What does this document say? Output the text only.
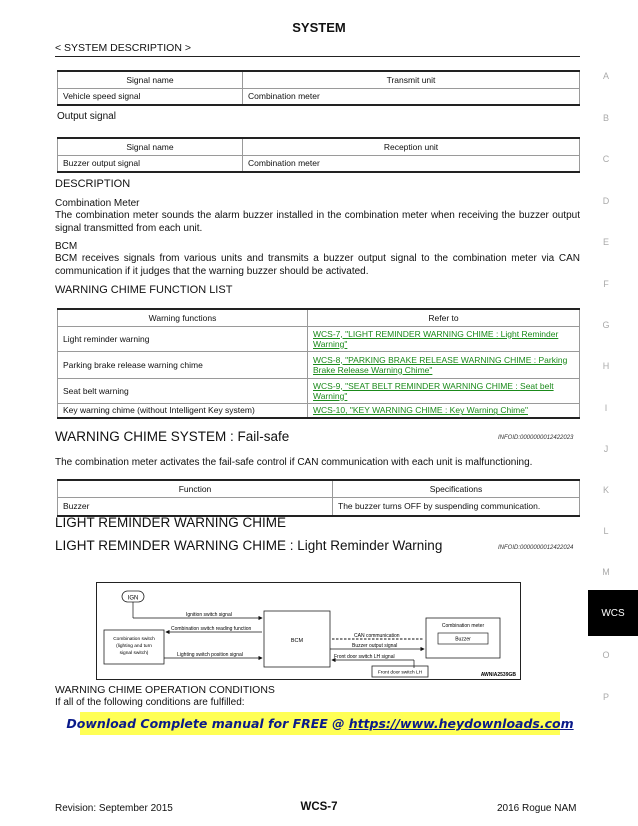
SYSTEM
< SYSTEM DESCRIPTION >
Signal name	Transmit unit
Vehicle speed signal	Combination meter
Output signal
Signal name	Reception unit
Buzzer output signal	Combination meter
DESCRIPTION
Combination Meter
The combination meter sounds the alarm buzzer installed in the combination meter when receiving the buzzer output signal transmitted from each unit.
BCM
BCM receives signals from various units and transmits a buzzer output signal to the combination meter via CAN communication if it judges that the warning buzzer should be activated.
WARNING CHIME FUNCTION LIST
Warning functions	Refer to
Light reminder warning	WCS-7, "LIGHT REMINDER WARNING CHIME : Light Reminder Warning"
Parking brake release warning chime	WCS-8, "PARKING BRAKE RELEASE WARNING CHIME : Parking Brake Release Warning Chime"
Seat belt warning	WCS-9, "SEAT BELT REMINDER WARNING CHIME : Seat belt Warning"
Key warning chime (without Intelligent Key system)	WCS-10, "KEY WARNING CHIME : Key Warning Chime"
WARNING CHIME SYSTEM : Fail-safe	INFOID:0000000012422023
The combination meter activates the fail-safe control if CAN communication with each unit is malfunctioning.
Function	Specifications
Buzzer	The buzzer turns OFF by suspending communication.
LIGHT REMINDER WARNING CHIME
LIGHT REMINDER WARNING CHIME : Light Reminder Warning	INFOID:0000000012422024
IGN
Ignition switch signal
Combination switch
(lighting and turn
signal switch)
Combination switch reading function
Lighting switch position signal
BCM
CAN communication
Buzzer output signal
Front door switch LH signal
Front door switch LH
Combination meter
Buzzer
AWNIA2539GB
WARNING CHIME OPERATION CONDITIONS
If all of the following conditions are fulfilled:
Download Complete manual for FREE @ https://www.heydownloads.com
A
B
C
D
E
F
G
H
I
J
K
L
M
WCS
O
P
Revision: September 2015	WCS-7	2016 Rogue NAM
